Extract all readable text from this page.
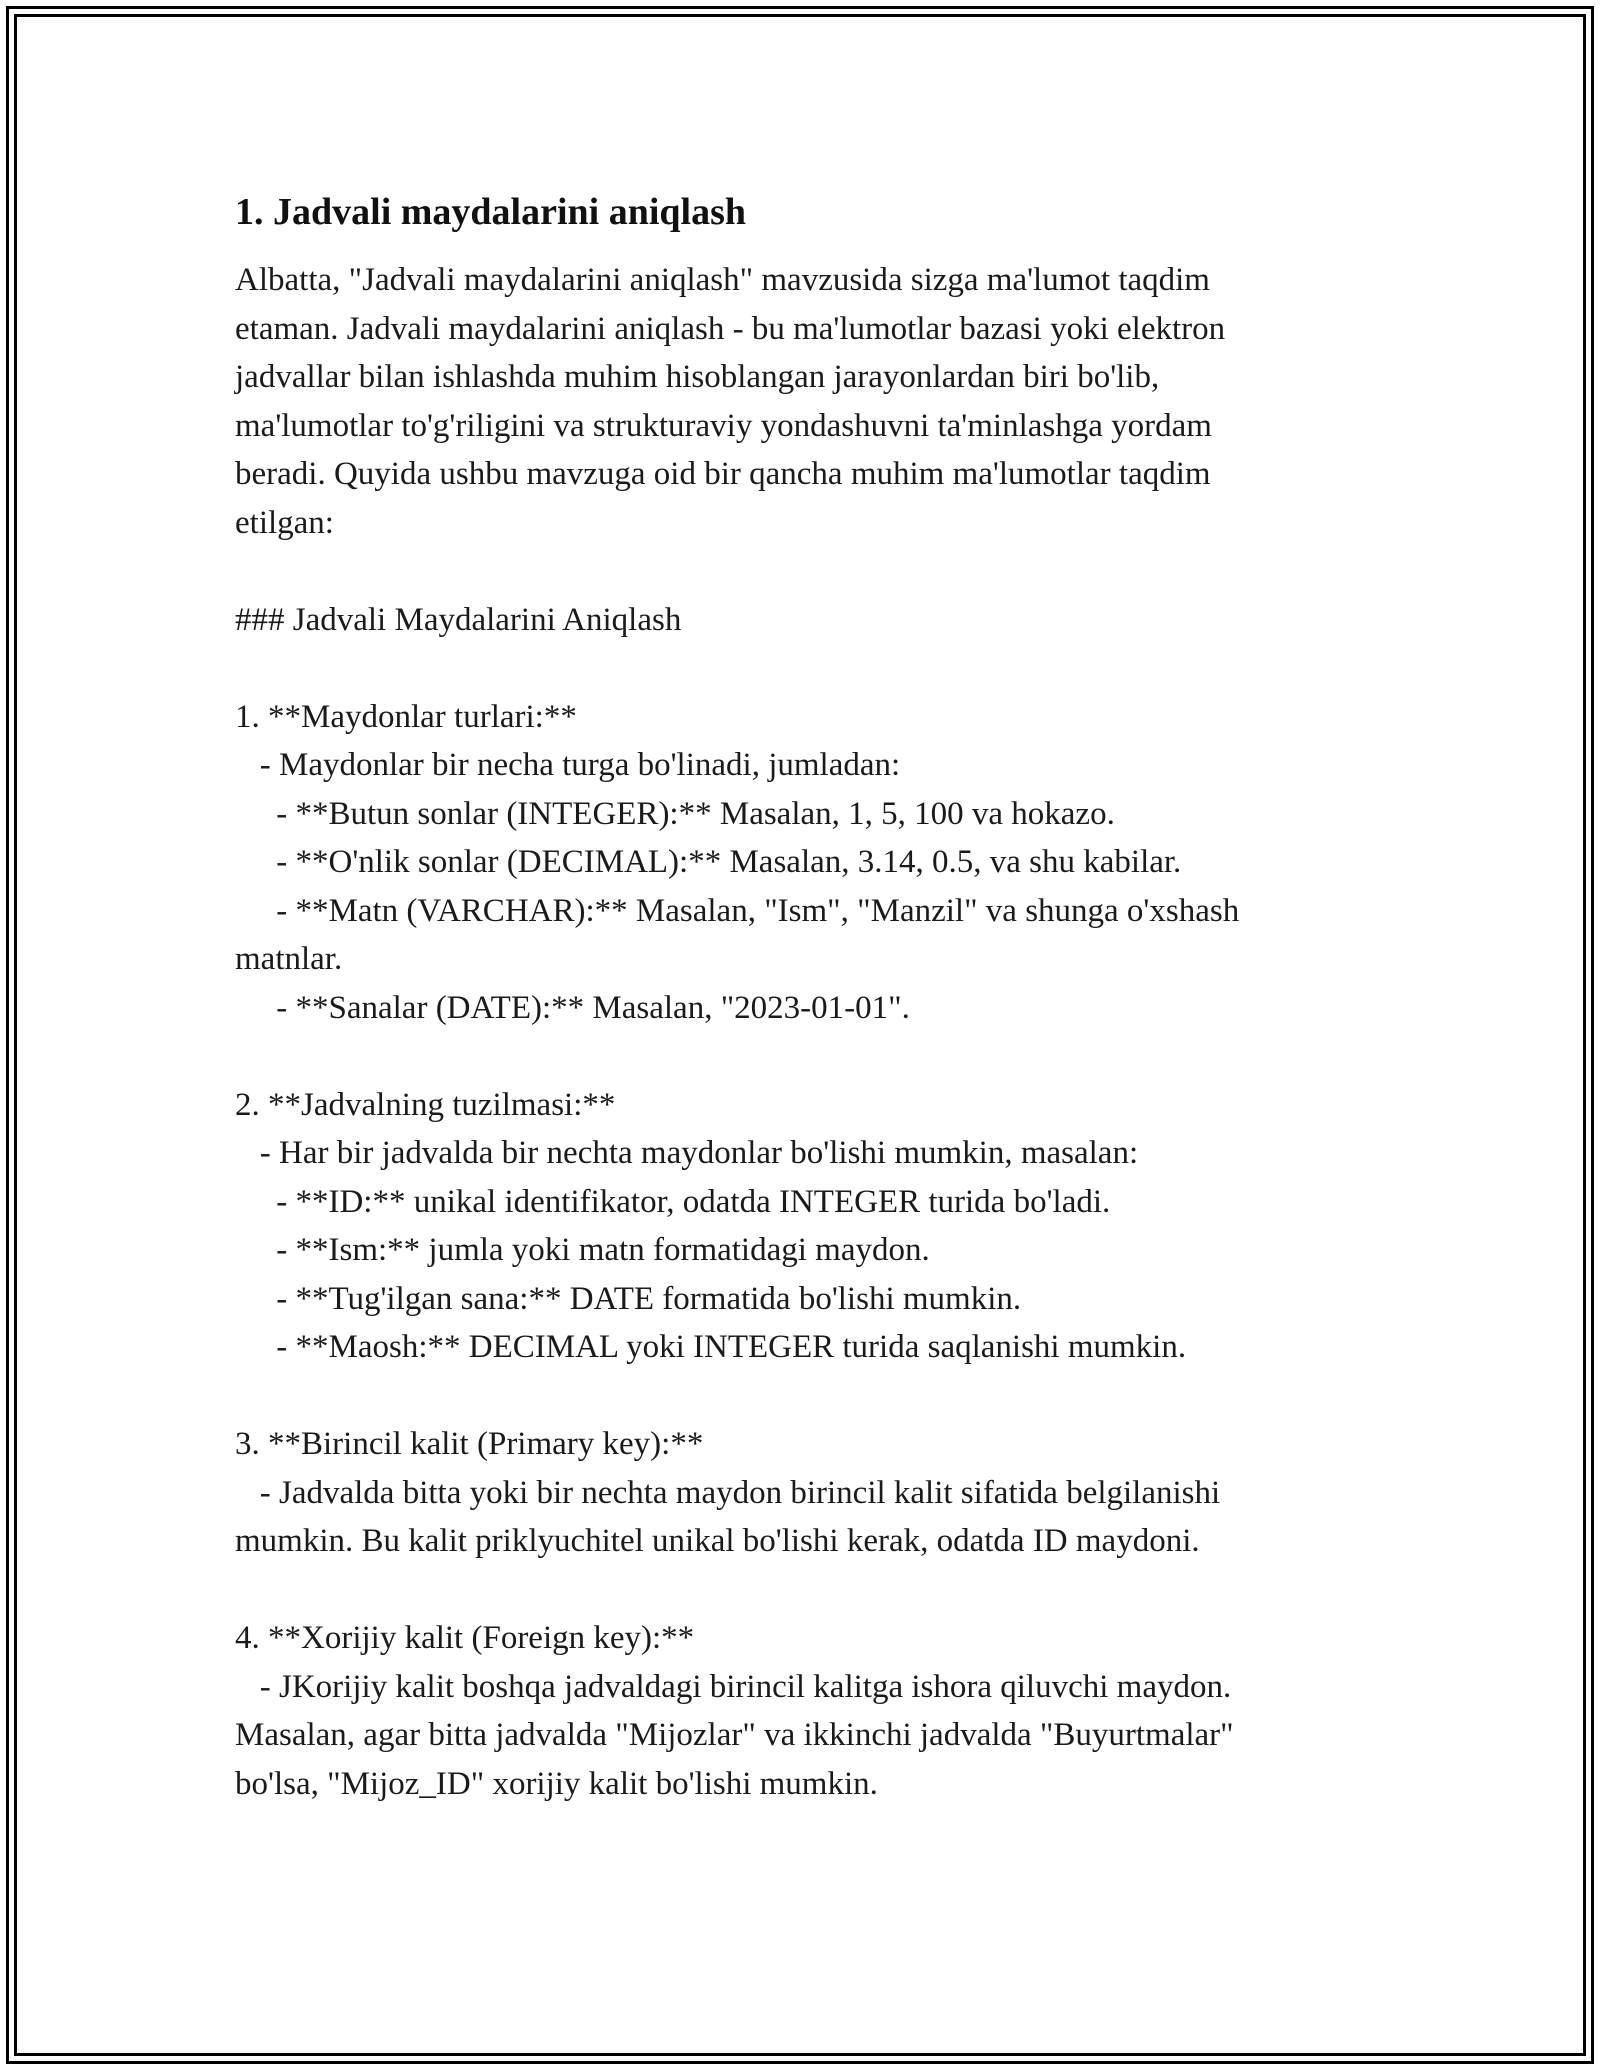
1. Jadvali maydalarini aniqlash
Albatta, "Jadvali maydalarini aniqlash" mavzusida sizga ma'lumot taqdim
etaman. Jadvali maydalarini aniqlash - bu ma'lumotlar bazasi yoki elektron
jadvallar bilan ishlashda muhim hisoblangan jarayonlardan biri bo'lib,
ma'lumotlar to'g'riligini va strukturaviy yondashuvni ta'minlashga yordam
beradi. Quyida ushbu mavzuga oid bir qancha muhim ma'lumotlar taqdim
etilgan:
### Jadvali Maydalarini Aniqlash
1. **Maydonlar turlari:**
- Maydonlar bir necha turga bo'linadi, jumladan:
- **Butun sonlar (INTEGER):** Masalan, 1, 5, 100 va hokazo.
- **O'nlik sonlar (DECIMAL):** Masalan, 3.14, 0.5, va shu kabilar.
- **Matn (VARCHAR):** Masalan, "Ism", "Manzil" va shunga o'xshash
matnlar.
- **Sanalar (DATE):** Masalan, "2023-01-01".
2. **Jadvalning tuzilmasi:**
- Har bir jadvalda bir nechta maydonlar bo'lishi mumkin, masalan:
- **ID:** unikal identifikator, odatda INTEGER turida bo'ladi.
- **Ism:** jumla yoki matn formatidagi maydon.
- **Tug'ilgan sana:** DATE formatida bo'lishi mumkin.
- **Maosh:** DECIMAL yoki INTEGER turida saqlanishi mumkin.
3. **Birincil kalit (Primary key):**
- Jadvalda bitta yoki bir nechta maydon birincil kalit sifatida belgilanishi
mumkin. Bu kalit priklyuchitel unikal bo'lishi kerak, odatda ID maydoni.
4. **Xorijiy kalit (Foreign key):**
- JKorijiy kalit boshqa jadvaldagi birincil kalitga ishora qiluvchi maydon.
Masalan, agar bitta jadvalda "Mijozlar" va ikkinchi jadvalda "Buyurtmalar"
bo'lsa, "Mijoz_ID" xorijiy kalit bo'lishi mumkin.
